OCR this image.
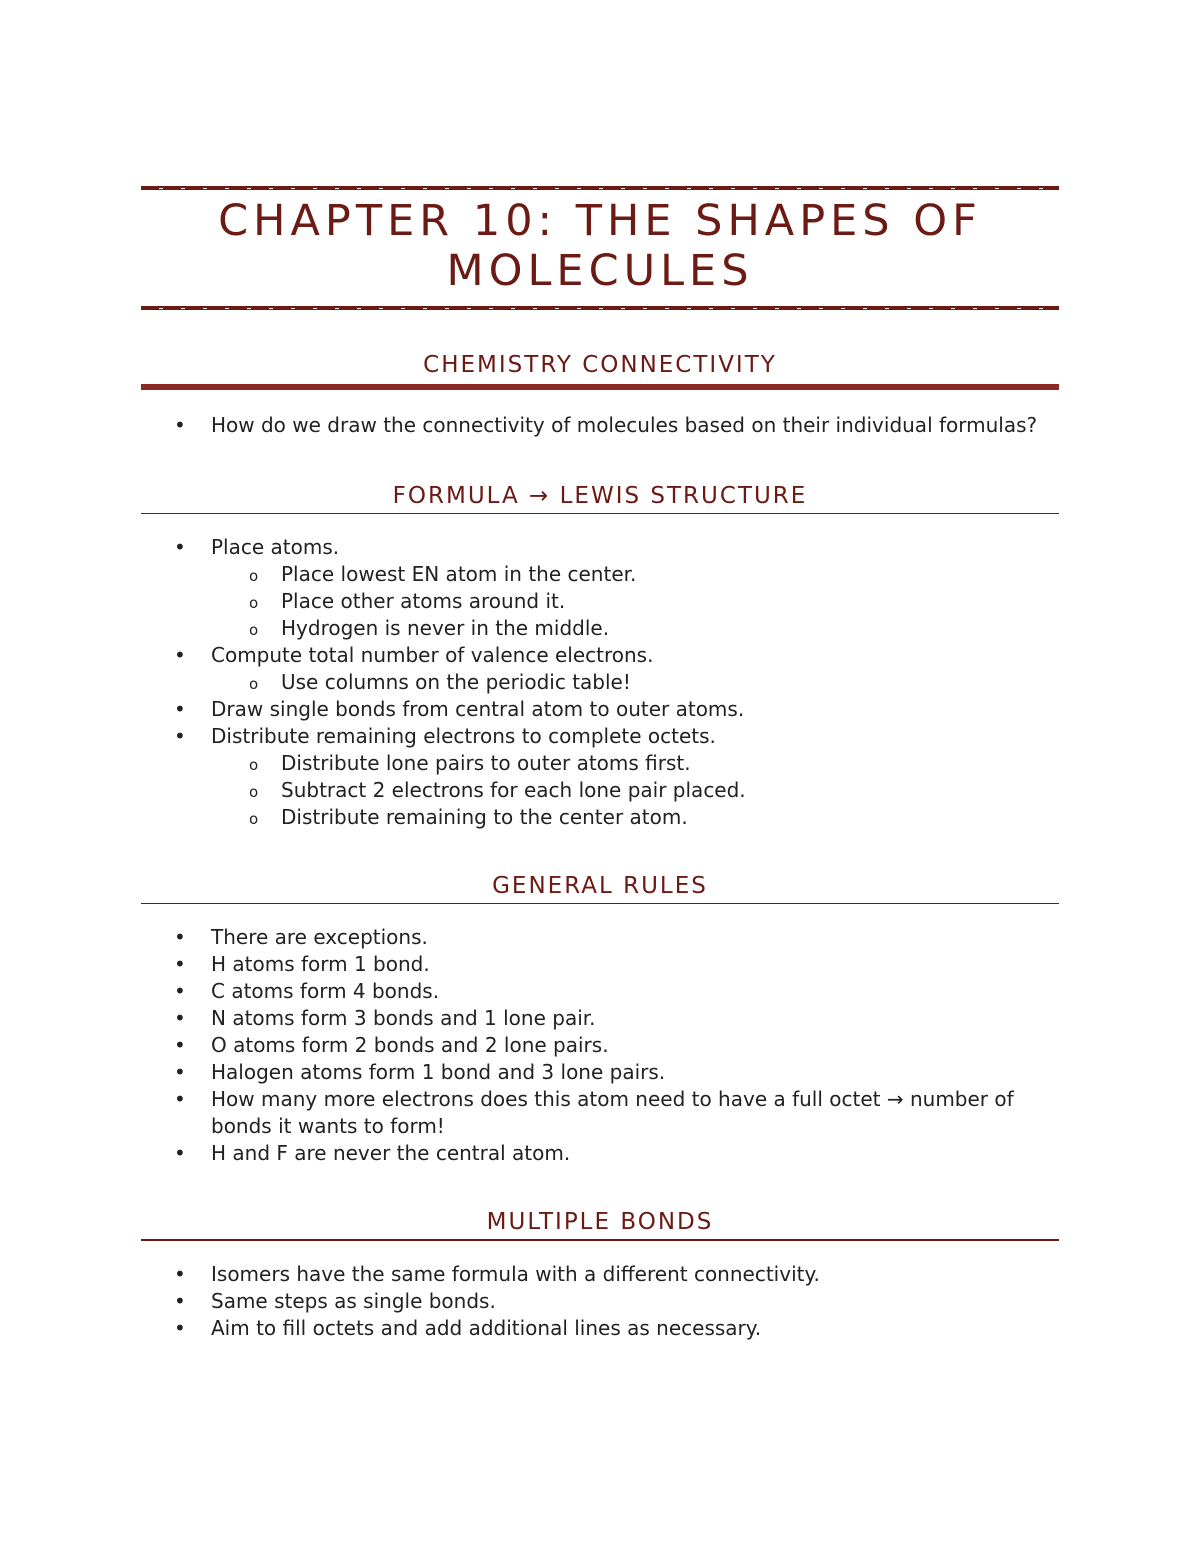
CHAPTER 10: THE SHAPES OF MOLECULES
CHEMISTRY CONNECTIVITY
• How do we draw the connectivity of molecules based on their individual formulas?
FORMULA → LEWIS STRUCTURE
• Place atoms.
o Place lowest EN atom in the center.
o Place other atoms around it.
o Hydrogen is never in the middle.
• Compute total number of valence electrons.
o Use columns on the periodic table!
• Draw single bonds from central atom to outer atoms.
• Distribute remaining electrons to complete octets.
o Distribute lone pairs to outer atoms first.
o Subtract 2 electrons for each lone pair placed.
o Distribute remaining to the center atom.
GENERAL RULES
• There are exceptions.
• H atoms form 1 bond.
• C atoms form 4 bonds.
• N atoms form 3 bonds and 1 lone pair.
• O atoms form 2 bonds and 2 lone pairs.
• Halogen atoms form 1 bond and 3 lone pairs.
• How many more electrons does this atom need to have a full octet → number of bonds it wants to form!
• H and F are never the central atom.
MULTIPLE BONDS
• Isomers have the same formula with a different connectivity.
• Same steps as single bonds.
• Aim to fill octets and add additional lines as necessary.
